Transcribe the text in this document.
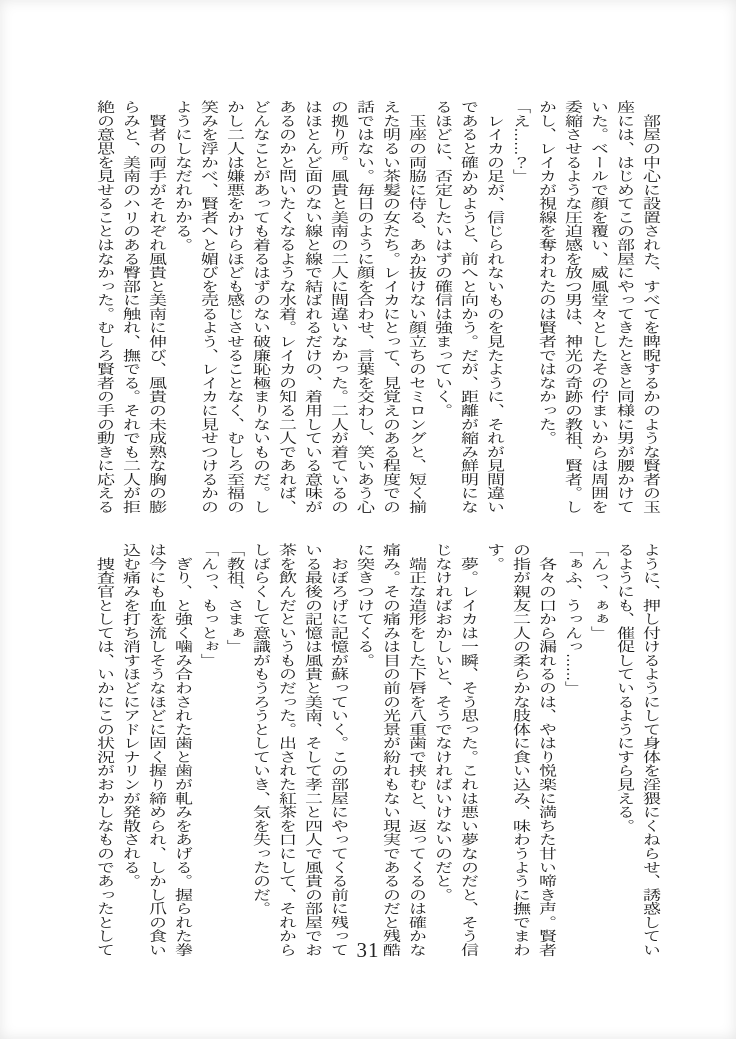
　部屋の中心に設置された、すべてを睥睨するかのような賢者の玉座には、はじめてこの部屋にやってきたときと同様に男が腰かけていた。ベールで顔を覆い、威風堂々としたその佇まいからは周囲を委縮させるような圧迫感を放つ男は、神光の奇跡の教祖、賢者。しかし、レイカが視線を奪われたのは賢者ではなかった。

「え……？」

　レイカの足が、信じられないものを見たように、それが見間違いであると確かめようと、前へと向かう。だが、距離が縮み鮮明になるほどに、否定したいはずの確信は強まっていく。

　玉座の両脇に侍る、あか抜けない顔立ちのセミロングと、短く揃えた明るい茶髪の女たち。レイカにとって、見覚えのある程度での話ではない。毎日のように顔を合わせ、言葉を交わし、笑いあう心の拠り所。風貴と美南の二人に間違いなかった。二人が着ているのはほとんど面のない線と線で結ばれるだけの、着用している意味があるのかと問いたくなるような水着。レイカの知る二人であれば、どんなことがあっても着るはずのない破廉恥極まりないものだ。しかし二人は嫌悪をかけらほども感じさせることなく、むしろ至福の笑みを浮かべ、賢者へと媚びを売るよう、レイカに見せつけるかのようにしなだれかかる。

　賢者の両手がそれぞれ風貴と美南に伸び、風貴の未成熟な胸の膨らみと、美南のハリのある臀部に触れ、撫でる。それでも二人が拒絶の意思を見せることはなかった。むしろ賢者の手の動きに応える

ように、押し付けるようにして身体を淫猥にくねらせ、誘惑しているようにも、催促しているようにすら見える。

「んっ、ぁぁ」

「ぁふ、うっんっ……」

　各々の口から漏れるのは、やはり悦楽に満ちた甘い啼き声。賢者の指が親友二人の柔らかな肢体に食い込み、味わうように撫でまわす。

　夢。レイカは一瞬、そう思った。これは悪い夢なのだと、そう信じなければおかしいと、そうでなければいけないのだと。

　端正な造形をした下唇を八重歯で挟むと、返ってくるのは確かな痛み。その痛みは目の前の光景が紛れもない現実であるのだと残酷に突きつけてくる。

　おぼろげに記憶が蘇っていく。この部屋にやってくる前に残っている最後の記憶は風貴と美南、そして孝二と四人で風貴の部屋でお茶を飲んだというものだった。出された紅茶を口にして、それからしばらくして意識がもうろうとしていき、気を失ったのだ。

「教祖、さまぁ」

「んっ、もっとぉ」

　ぎり、と強く噛み合わされた歯と歯が軋みをあげる。握られた拳は今にも血を流しそうなほどに固く握り締められ、しかし爪の食い込む痛みを打ち消すほどにアドレナリンが発散される。

　捜査官としては、いかにこの状況がおかしなものであったとして	31
